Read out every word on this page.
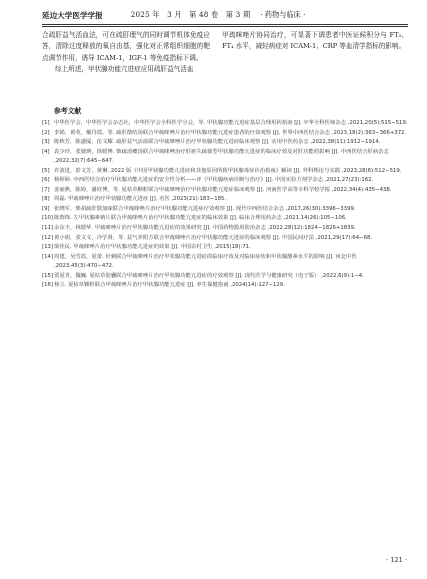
延边大学医学学报	2025 年　3 月　第 48 卷　第 3 期 · 药物与临床 ·

合疏肝益气活血法，可在疏肝理气的同时调节机体免疫应答，清除过度释放的氧自由基，强化对正常组织细胞的靶点调节作用，诱导 ICAM-1，IGF-1 等免疫指标下调。

综上所述，甲状腺功能亢进症应用疏肝益气活血

甲巯咪唑片协同治疗，可显著下调患者中医证候积分与 FT₃、FT₄ 水平，减轻病症对 ICAM-1、CRP 等血清学指标的影响。

参考文献
[1] 中华医学会，中华医学会杂志社，中华医学会全科医学分会，等. 甲状腺功能亢进症基层合理用药指南 [J]. 中华全科医师杂志 ,2021,20(5):515−519.
[2] 李娟，黄英，戴丹霞，等. 疏肝散结汤联合甲巯咪唑片治疗甲状腺功能亢进症患者的疗效观察 [J]. 世界中西医结合杂志 ,2023,18(2):363−366+372.
[3] 陈秋芳，陈盛厦，伍文耀. 疏肝益气活血联合甲巯咪唑片治疗甲状腺功能亢进症临床观察 [J]. 实用中医药杂志 ,2022,38(11):1912−1914.
[4] 袁少沙，张婕瑛，徐媛博. 柴疏消瘿汤联合甲巯咪唑治疗肝瘀失疏郁型甲状腺功能亢进症的临床疗效及对肝功能的影响 [J]. 中西医结合肝病杂志 ,2022,32(7):645−647.
[5] 许波进，彭文芳，黄琳 .2022 版《中国甲状腺功能亢进症和其他原因所致甲状腺毒症诊治指南》解读 [J]. 外科理论与实践 ,2023,28(6):512−519.
[6] 杨婷婷. 中西医结合治疗甲状腺功能亢进症的安全性分析——评《甲状腺疾病诊断与治疗》[J]. 中国实验方剂学杂志 ,2021,27(23):162.
[7] 姜丽燕，陈婷，潘钦博，等. 夏枯草颗粒联合甲巯咪唑治疗甲状腺功能亢进症临床观察 [J]. 河南医学高等专科学校学报 ,2022,34(4):435−438.
[8] 周磊. 甲巯咪唑片治疗甲状腺功能亢进症 [J]. 名医 ,2023(21):183−185.
[9] 张晓军，柴胡疏肝散加味联合甲巯咪唑片治疗甲状腺功能亢进症疗效观察 [J]. 现代中西医结合杂志 ,2017,26(30):3396−3399.
[10] 陈饰饰. 左甲状腺素钠片联合甲巯咪唑片治疗甲状腺功能亢进症的临床效果 [J]. 临床合理用药杂志 ,2021,14(26):105−106.
[11] 余东丰，林德华. 甲巯咪唑片治疗甲状腺功能亢进症的效果研究 [J]. 中国药物滥用防治杂志 ,2022,28(12):1824−1826+1839.
[12] 黄小娟，张文文，冷学贤，等. 益气养阴方联合甲巯咪唑片治疗甲状腺功能亢进症的临床观察 [J]. 中国民间疗法 ,2021,29(17):64−68.
[13] 梁佳民. 甲巯咪唑片治疗甲状腺功能亢进症的效果 [J]. 中国农村卫生 ,2015(18):71.
[14] 周建，吴雪霞，夏蕾. 针刺联合甲巯咪唑片治疗甲状腺功能亢进症的临床疗效及对临床症状和甲状腺激素水平的影响 [J]. 河北中医 ,2023,45(3):470−472.
[15] 贾夏青，魏巍. 夏枯草胶囊联合甲巯咪唑片治疗甲状腺功能亢进症的疗效观察 [J]. 现代医学与健康研究（电子版） ,2022,6(9):1−4.
[16] 杨立. 夏枯草颗粒联合甲巯咪唑片治疗甲状腺功能亢进症 [J]. 养生保健指南 ,2024(14):127−129.
· 121 ·
